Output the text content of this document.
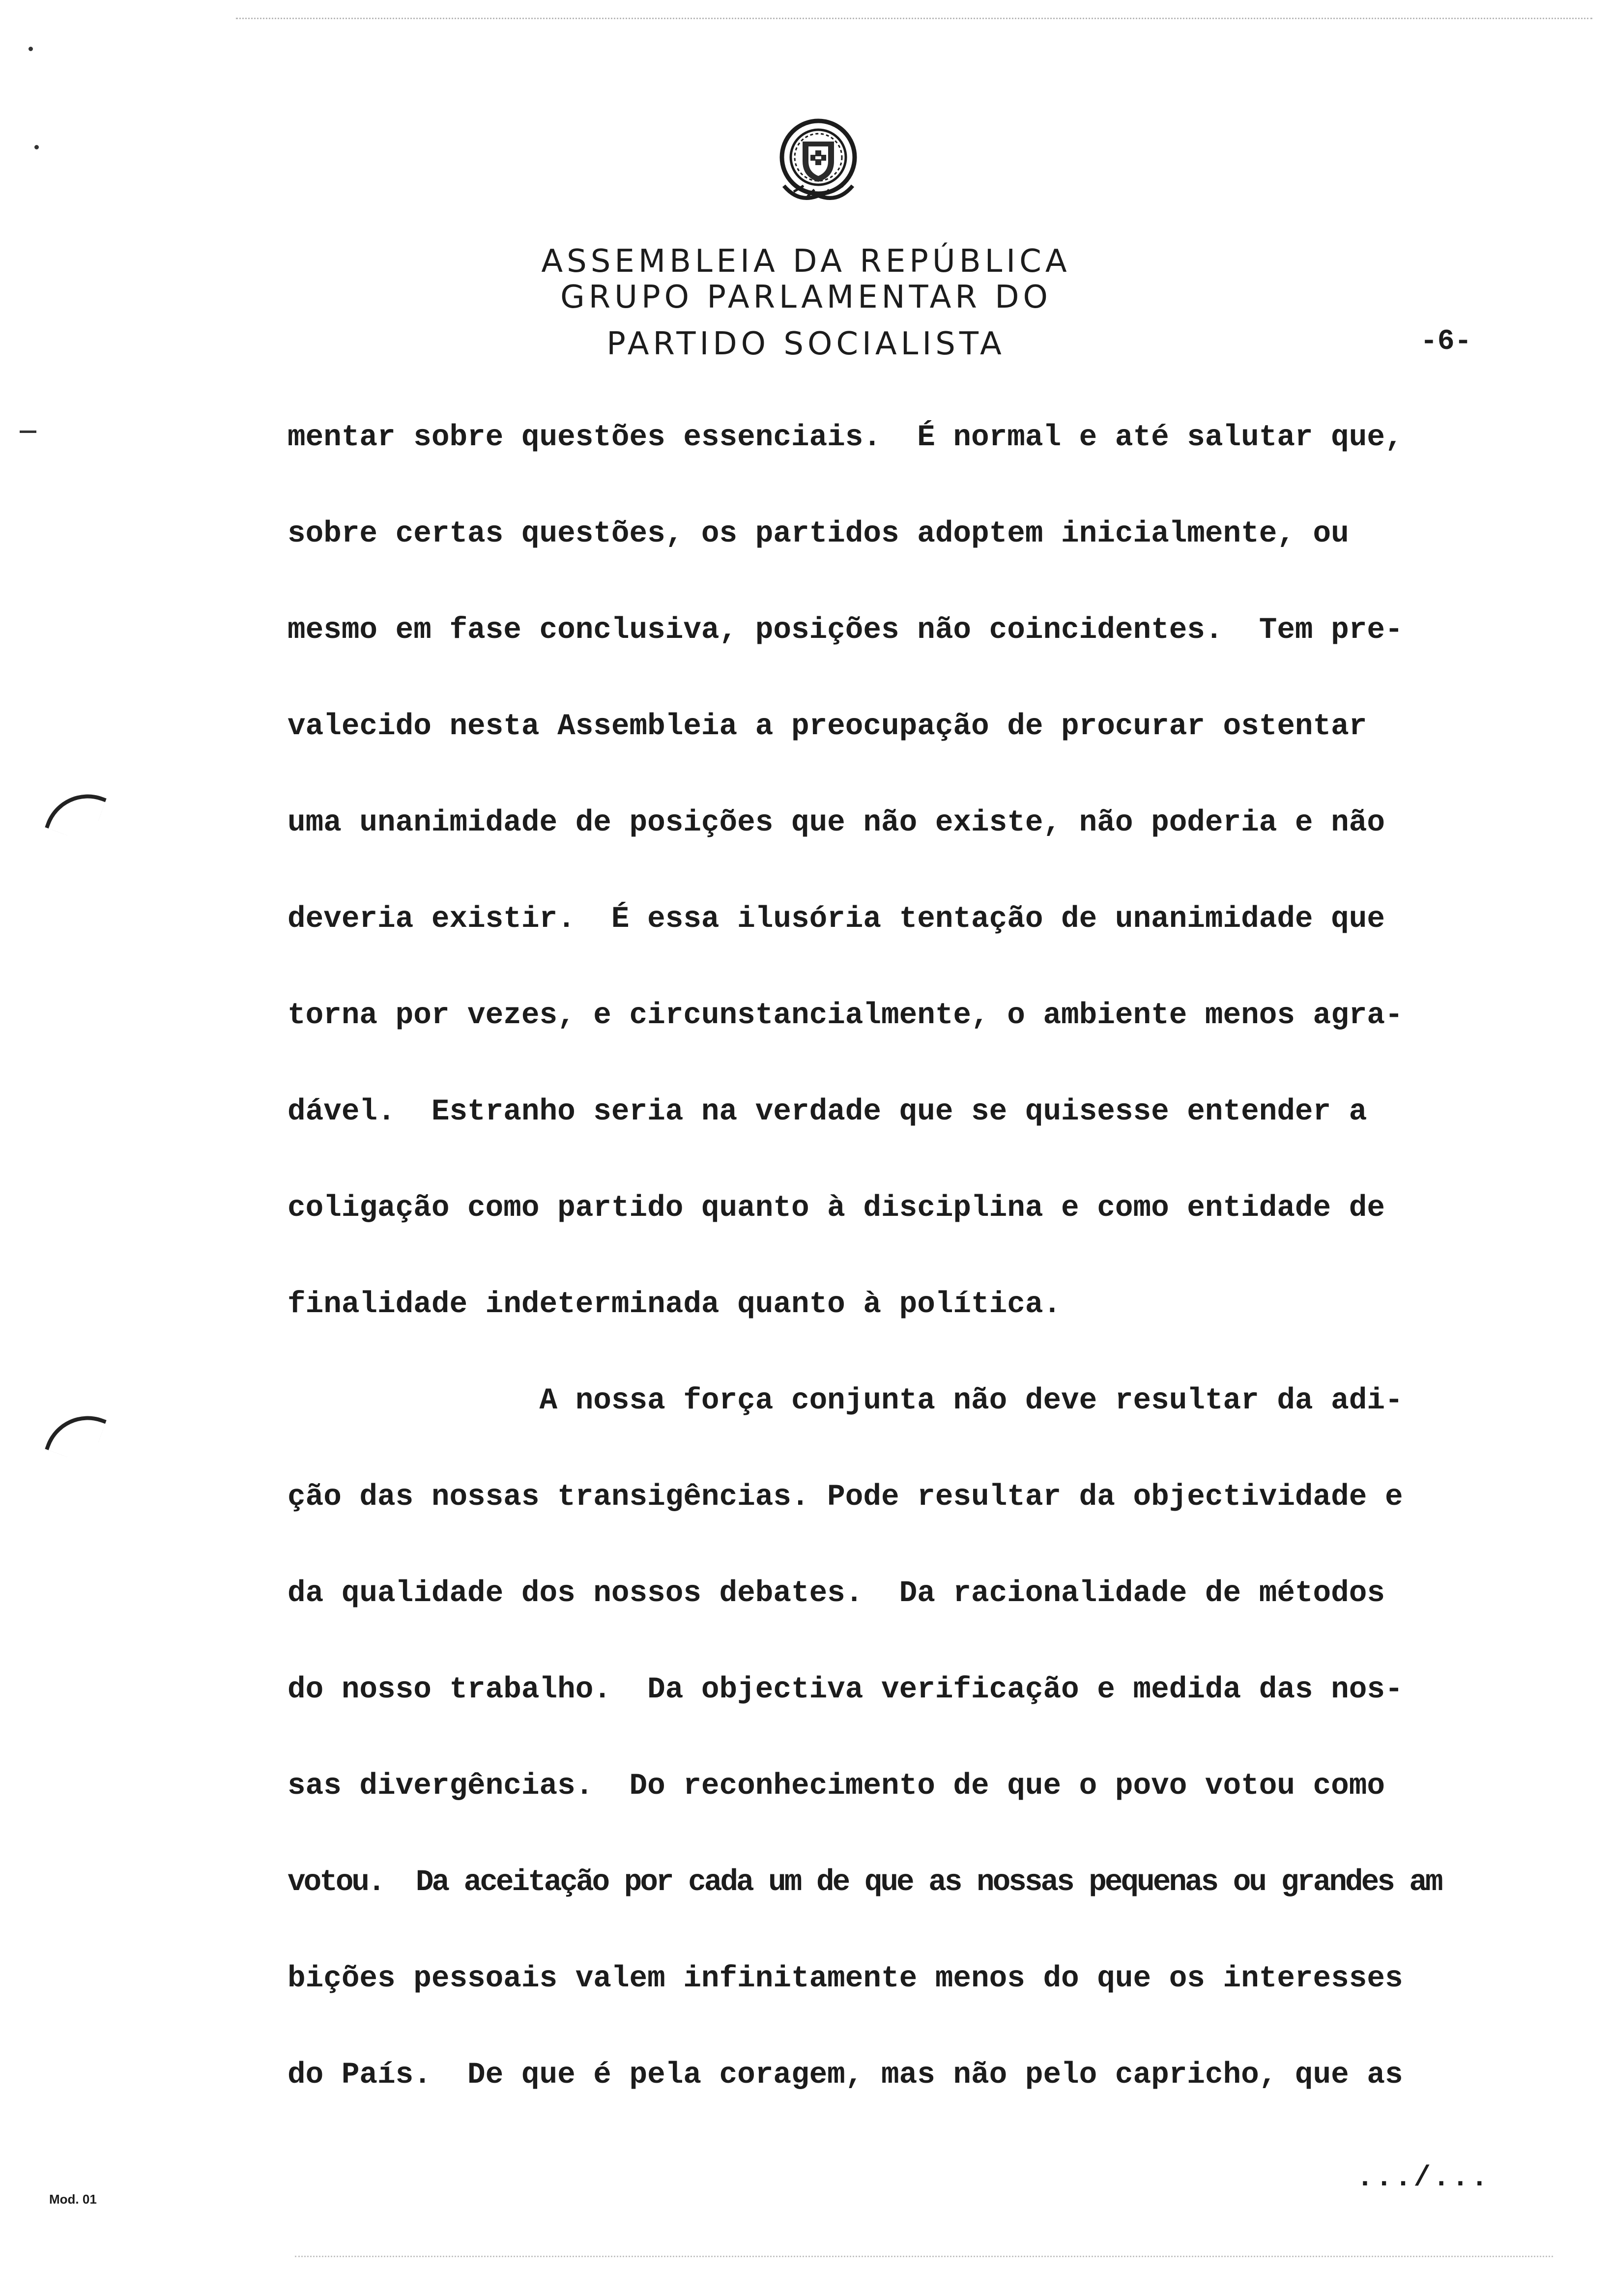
ASSEMBLEIA DA REPÚBLICA
GRUPO PARLAMENTAR DO
PARTIDO SOCIALISTA	-6-
mentar sobre questões essenciais.  É normal e até salutar que,
sobre certas questões, os partidos adoptem inicialmente, ou
mesmo em fase conclusiva, posições não coincidentes.  Tem pre-
valecido nesta Assembleia a preocupação de procurar ostentar
uma unanimidade de posições que não existe, não poderia e não
deveria existir.  É essa ilusória tentação de unanimidade que
torna por vezes, e circunstancialmente, o ambiente menos agra-
dável.  Estranho seria na verdade que se quisesse entender a
coligação como partido quanto à disciplina e como entidade de
finalidade indeterminada quanto à política.
A nossa força conjunta não deve resultar da adi-
ção das nossas transigências. Pode resultar da objectividade e
da qualidade dos nossos debates.  Da racionalidade de métodos
do nosso trabalho.  Da objectiva verificação e medida das nos-
sas divergências.  Do reconhecimento de que o povo votou como
votou.  Da aceitação por cada um de que as nossas pequenas ou grandes am
bições pessoais valem infinitamente menos do que os interesses
do País.  De que é pela coragem, mas não pelo capricho, que as
.../...
Mod. 01
